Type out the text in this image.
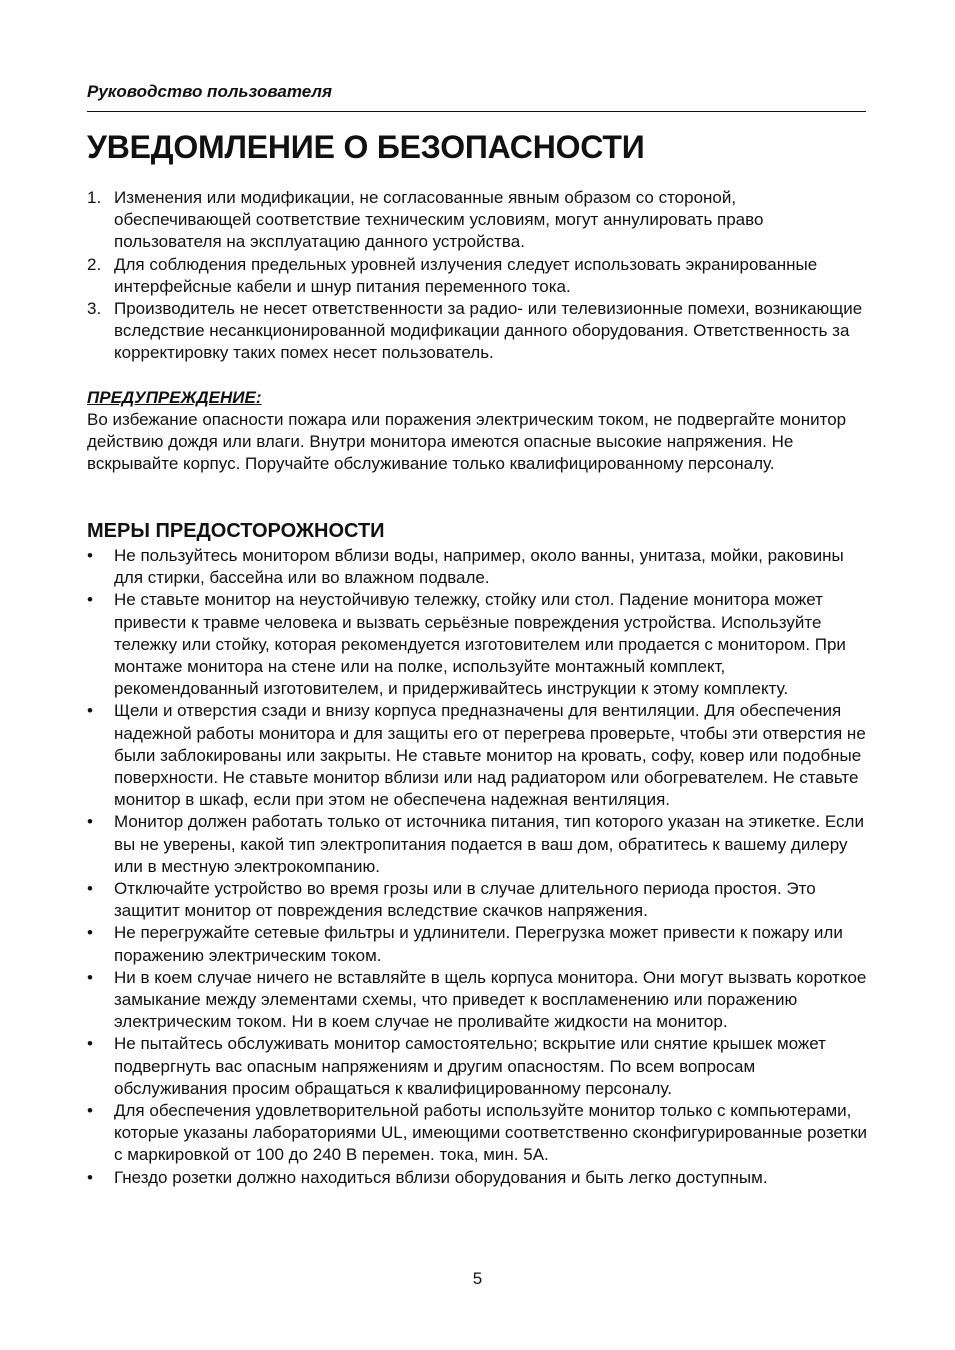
Руководство пользователя
УВЕДОМЛЕНИЕ О БЕЗОПАСНОСТИ
1. Изменения или модификации, не согласованные явным образом со стороной, обеспечивающей соответствие техническим условиям, могут аннулировать право пользователя на эксплуатацию данного устройства.
2. Для соблюдения предельных уровней излучения следует использовать экранированные интерфейсные кабели и шнур питания переменного тока.
3. Производитель не несет ответственности за радио- или телевизионные помехи, возникающие вследствие несанкционированной модификации данного оборудования. Ответственность за корректировку таких помех несет пользователь.
ПРЕДУПРЕЖДЕНИЕ:

Во избежание опасности пожара или поражения электрическим током, не подвергайте монитор действию дождя или влаги. Внутри монитора имеются опасные высокие напряжения. Не вскрывайте корпус. Поручайте обслуживание только квалифицированному персоналу.

МЕРЫ ПРЕДОСТОРОЖНОСТИ
• Не пользуйтесь монитором вблизи воды, например, около ванны, унитаза, мойки, раковины для стирки, бассейна или во влажном подвале.
• Не ставьте монитор на неустойчивую тележку, стойку или стол. Падение монитора может привести к травме человека и вызвать серьёзные повреждения устройства. Используйте тележку или стойку, которая рекомендуется изготовителем или продается с монитором. При монтаже монитора на стене или на полке, используйте монтажный комплект, рекомендованный изготовителем, и придерживайтесь инструкции к этому комплекту.
• Щели и отверстия сзади и внизу корпуса предназначены для вентиляции. Для обеспечения надежной работы монитора и для защиты его от перегрева проверьте, чтобы эти отверстия не были заблокированы или закрыты. Не ставьте монитор на кровать, софу, ковер или подобные поверхности. Не ставьте монитор вблизи или над радиатором или обогревателем. Не ставьте монитор в шкаф, если при этом не обеспечена надежная вентиляция.
• Монитор должен работать только от источника питания, тип которого указан на этикетке. Если вы не уверены, какой тип электропитания подается в ваш дом, обратитесь к вашему дилеру или в местную электрокомпанию.
• Отключайте устройство во время грозы или в случае длительного периода простоя. Это защитит монитор от повреждения вследствие скачков напряжения.
• Не перегружайте сетевые фильтры и удлинители. Перегрузка может привести к пожару или поражению электрическим током.
• Ни в коем случае ничего не вставляйте в щель корпуса монитора. Они могут вызвать короткое замыкание между элементами схемы, что приведет к воспламенению или поражению электрическим током. Ни в коем случае не проливайте жидкости на монитор.
• Не пытайтесь обслуживать монитор самостоятельно; вскрытие или снятие крышек может подвергнуть вас опасным напряжениям и другим опасностям. По всем вопросам обслуживания просим обращаться к квалифицированному персоналу.
• Для обеспечения удовлетворительной работы используйте монитор только с компьютерами, которые указаны лабораториями UL, имеющими соответственно сконфигурированные розетки с маркировкой от 100 до 240 В перемен. тока, мин. 5А.
• Гнездо розетки должно находиться вблизи оборудования и быть легко доступным.
5
